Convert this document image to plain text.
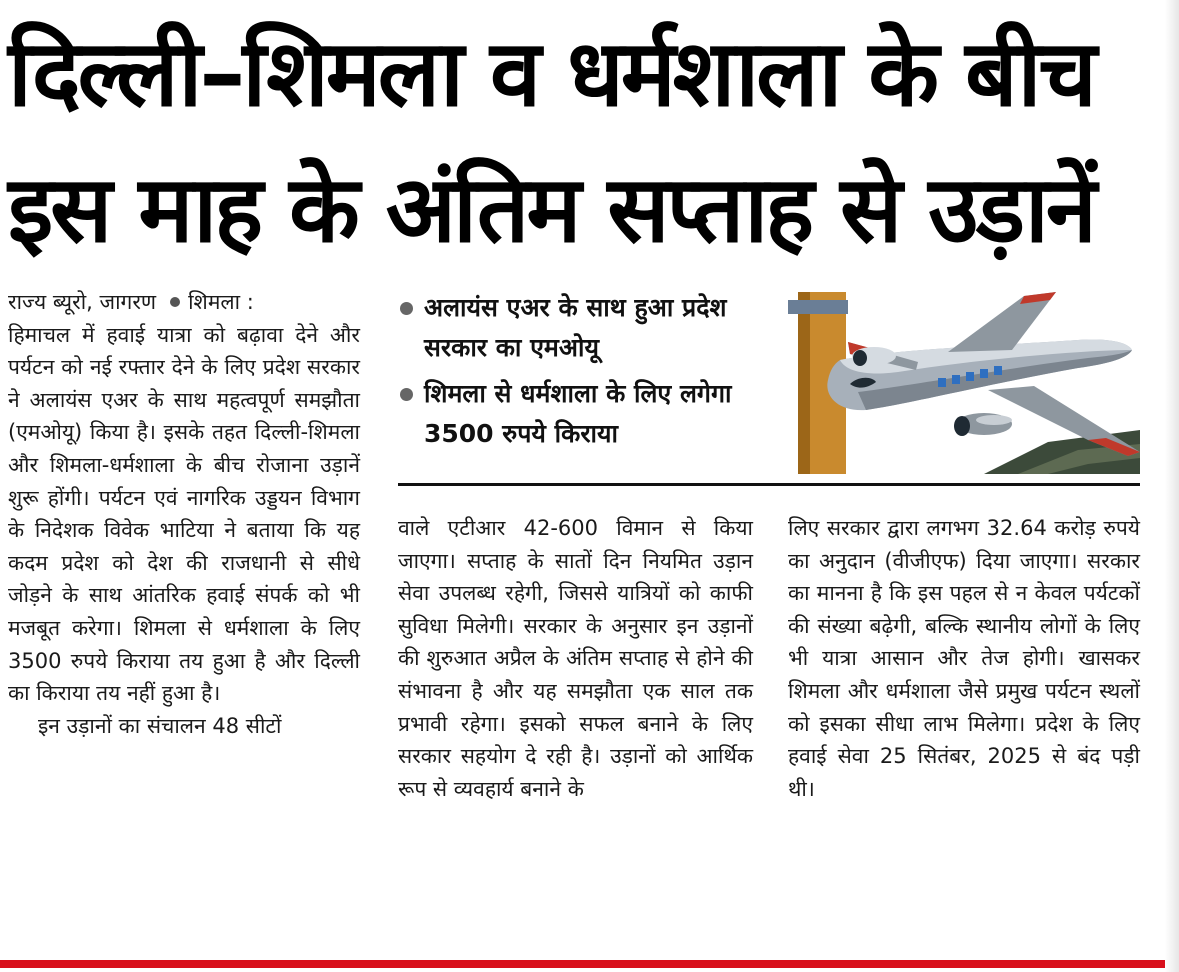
दिल्ली–शिमला व धर्मशाला के बीच
इस माह के अंतिम सप्ताह से उड़ानें

राज्य ब्यूरो, जागरण शिमला :

हिमाचल में हवाई यात्रा को बढ़ावा देने और पर्यटन को नई रफ्तार देने के लिए प्रदेश सरकार ने अलायंस एअर के साथ महत्वपूर्ण समझौता (एमओयू) किया है। इसके तहत दिल्ली-शिमला और शिमला-धर्मशाला के बीच रोजाना उड़ानें शुरू होंगी। पर्यटन एवं नागरिक उड्डयन विभाग के निदेशक विवेक भाटिया ने बताया कि यह कदम प्रदेश को देश की राजधानी से सीधे जोड़ने के साथ आंतरिक हवाई संपर्क को भी मजबूत करेगा। शिमला से धर्मशाला के लिए 3500 रुपये किराया तय हुआ है और दिल्ली का किराया तय नहीं हुआ है।

इन उड़ानों का संचालन 48 सीटों

अलायंस एअर के साथ हुआ प्रदेश सरकार का एमओयू
शिमला से धर्मशाला के लिए लगेगा 3500 रुपये किराया

वाले एटीआर 42-600 विमान से किया जाएगा। सप्ताह के सातों दिन नियमित उड़ान सेवा उपलब्ध रहेगी, जिससे यात्रियों को काफी सुविधा मिलेगी। सरकार के अनुसार इन उड़ानों की शुरुआत अप्रैल के अंतिम सप्ताह से होने की संभावना है और यह समझौता एक साल तक प्रभावी रहेगा। इसको सफल बनाने के लिए सरकार सहयोग दे रही है। उड़ानों को आर्थिक रूप से व्यवहार्य बनाने के

लिए सरकार द्वारा लगभग 32.64 करोड़ रुपये का अनुदान (वीजीएफ) दिया जाएगा। सरकार का मानना है कि इस पहल से न केवल पर्यटकों की संख्या बढ़ेगी, बल्कि स्थानीय लोगों के लिए भी यात्रा आसान और तेज होगी। खासकर शिमला और धर्मशाला जैसे प्रमुख पर्यटन स्थलों को इसका सीधा लाभ मिलेगा। प्रदेश के लिए हवाई सेवा 25 सितंबर, 2025 से बंद पड़ी थी।
